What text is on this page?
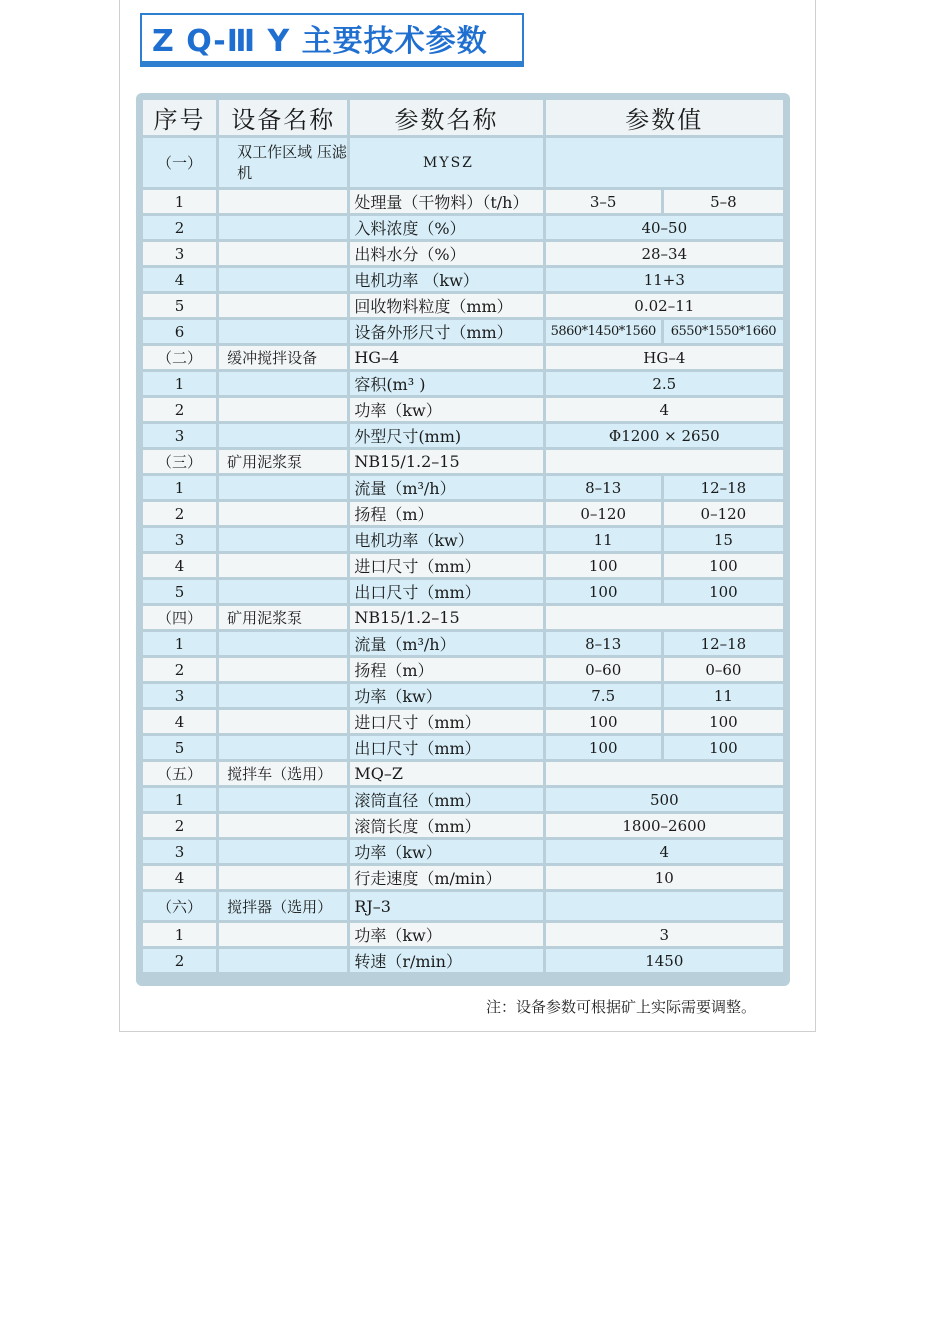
Z Q-Ⅲ Y 主要技术参数
序号	设备名称	参数名称	参数值	
（一）	双工作区域 压滤机	MYSZ		
1		处理量（干物料）（t/h）	3–5	5–8
2		入料浓度（%）	40–50	
3		出料水分（%）	28–34	
4		电机功率 （kw）	11+3	
5		回收物料粒度（mm）	0.02–11	
6		设备外形尺寸（mm）	5860*1450*1560	6550*1550*1660
（二）	缓冲搅拌设备	HG–4	HG–4	
1		容积(m³ )	2.5	
2		功率（kw）	4	
3		外型尺寸(mm)	Φ1200 × 2650	
（三）	矿用泥浆泵	NB15/1.2–15		
1		流量（m³/h）	8–13	12–18
2		扬程（m）	0–120	0–120
3		电机功率（kw）	11	15
4		进口尺寸（mm）	100	100
5		出口尺寸（mm）	100	100
（四）	矿用泥浆泵	NB15/1.2–15		
1		流量（m³/h）	8–13	12–18
2		扬程（m）	0–60	0–60
3		功率（kw）	7.5	11
4		进口尺寸（mm）	100	100
5		出口尺寸（mm）	100	100
（五）	搅拌车（选用）	MQ–Z		
1		滚筒直径（mm）	500	
2		滚筒长度（mm）	1800–2600	
3		功率（kw）	4	
4		行走速度（m/min）	10	
（六）	搅拌器（选用）	RJ–3		
1		功率（kw）	3	
2		转速（r/min）	1450	
注：设备参数可根据矿上实际需要调整。
